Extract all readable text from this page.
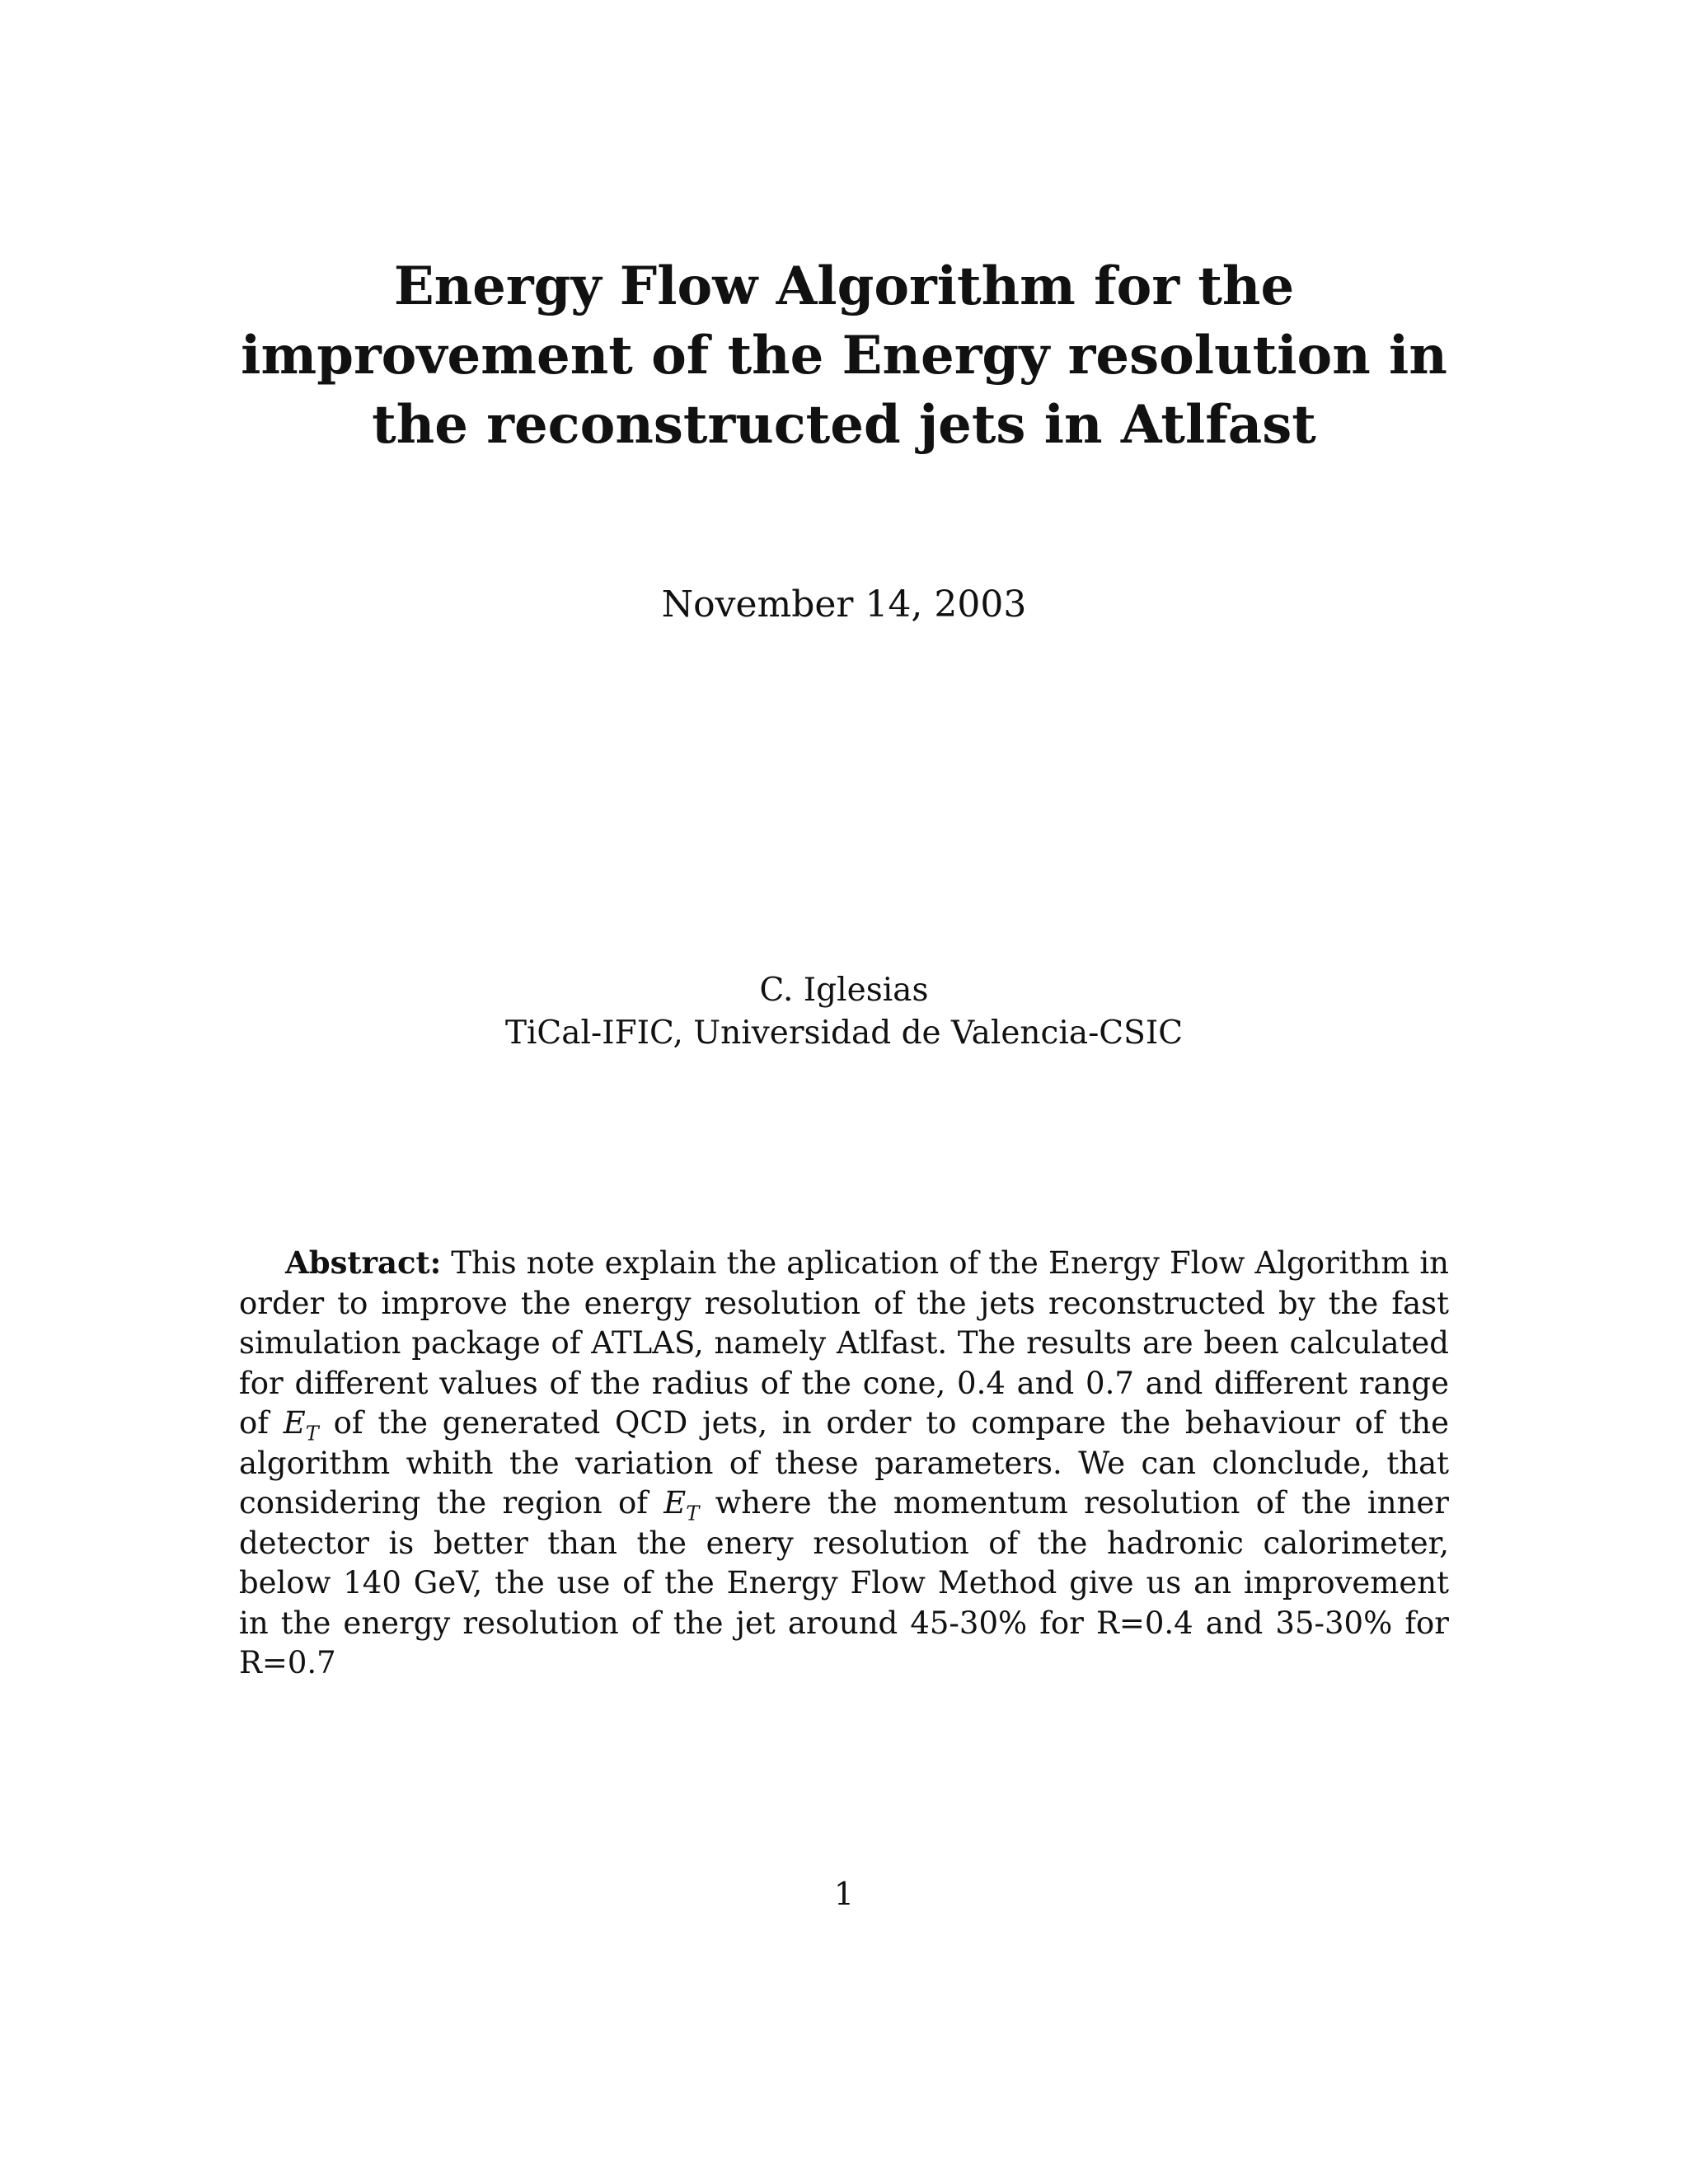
Energy Flow Algorithm for the
improvement of the Energy resolution in
the reconstructed jets in Atlfast
November 14, 2003
C. Iglesias
TiCal-IFIC, Universidad de Valencia-CSIC
Abstract: This note explain the aplication of the Energy Flow Algorithm in order to improve the energy resolution of the jets reconstructed by the fast simulation package of ATLAS, namely Atlfast. The results are been calculated for different values of the radius of the cone, 0.4 and 0.7 and different range of $E_T$ of the generated QCD jets, in order to compare the behaviour of the algorithm whith the variation of these parameters. We can clonclude, that considering the region of $E_T$ where the momentum resolution of the inner detector is better than the enery resolution of the hadronic calorimeter, below 140 GeV, the use of the Energy Flow Method give us an improvement in the energy resolution of the jet around 45-30% for R=0.4 and 35-30% for R=0.7
1
